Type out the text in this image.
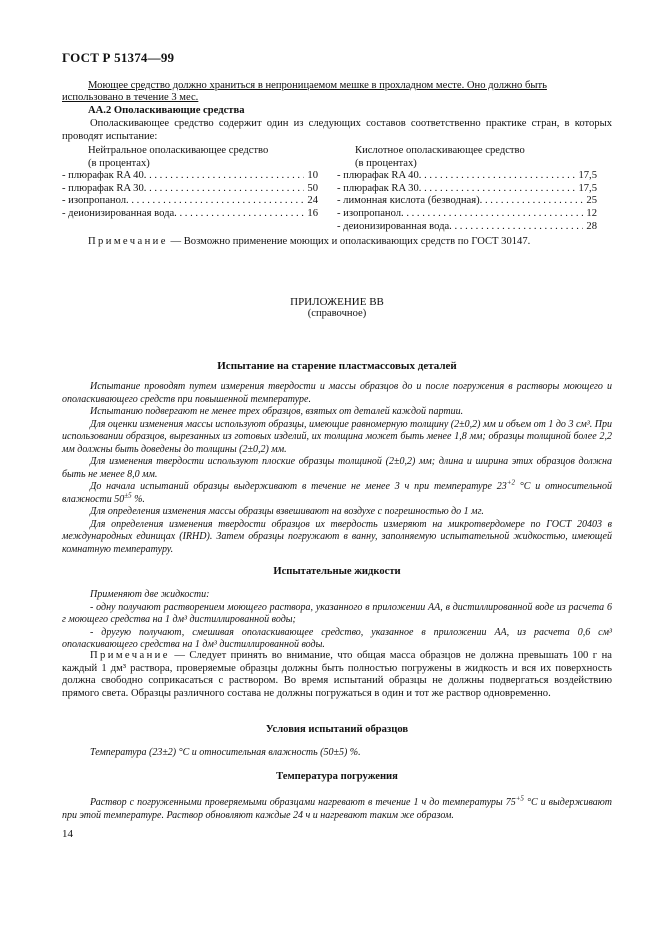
ГОСТ Р 51374—99
Моющее средство должно храниться в непроницаемом мешке в прохладном месте. Оно должно быть
использовано в течение 3 мес.
АА.2 Ополаскивающие средства
Ополаскивающее средство содержит один из следующих составов соответственно практике стран, в которых проводят испытание:
Нейтральное ополаскивающее средство
(в процентах)
- плюрафак RA 40 . . .	10
- плюрафак RA 30 . . .	50
- изопропанол . . .	24
- деионизированная вода . . .	16
Кислотное ополаскивающее средство
(в процентах)
- плюрафак RA 40 . . .	17,5
- плюрафак RA 30 . . .	17,5
- лимонная кислота (безводная) . . .	25
- изопропанол . . .	12
- деионизированная вода . . .	28
Примечание — Возможно применение моющих и ополаскивающих средств по ГОСТ 30147.
ПРИЛОЖЕНИЕ ВВ
(справочное)
Испытание на старение пластмассовых деталей
Испытание проводят путем измерения твердости и массы образцов до и после погружения в растворы моющего и ополаскивающего средств при повышенной температуре.
Испытанию подвергают не менее трех образцов, взятых от деталей каждой партии.
Для оценки изменения массы используют образцы, имеющие равномерную толщину (2±0,2) мм и объем от 1 до 3 см³. При использовании образцов, вырезанных из готовых изделий, их толщина может быть менее 1,8 мм; образцы толщиной более 2,2 мм должны быть доведены до толщины (2±0,2) мм.
Для изменения твердости используют плоские образцы толщиной (2±0,2) мм; длина и ширина этих образцов должна быть не менее 8,0 мм.
До начала испытаний образцы выдерживают в течение не менее 3 ч при температуре $23^{+2}$ °С и относительной влажности $50^{\pm 5}$ %.
Для определения изменения массы образцы взвешивают на воздухе с погрешностью до 1 мг.
Для определения изменения твердости образцов их твердость измеряют на микротвердомере по ГОСТ 20403 в международных единицах (IRHD). Затем образцы погружают в ванну, заполняемую испытательной жидкостью, имеющей комнатную температуру.
Испытательные жидкости
Применяют две жидкости:
- одну получают растворением моющего раствора, указанного в приложении АА, в дистиллированной воде из расчета 6 г моющего средства на 1 дм³ дистиллированной воды;
- другую получают, смешивая ополаскивающее средство, указанное в приложении АА, из расчета 0,6 см³ ополаскивающего средства на 1 дм³ дистиллированной воды.
Примечание — Следует принять во внимание, что общая масса образцов не должна превышать 100 г на каждый 1 дм³ раствора, проверяемые образцы должны быть полностью погружены в жидкость и вся их поверхность должна свободно соприкасаться с раствором. Во время испытаний образцы не должны подвергаться воздействию прямого света. Образцы различного состава не должны погружаться в один и тот же раствор одновременно.
Условия испытаний образцов
Температура (23±2) °С и относительная влажность (50±5) %.
Температура погружения
Раствор с погруженными проверяемыми образцами нагревают в течение 1 ч до температуры $75^{+5}$ °С и выдерживают при этой температуре. Раствор обновляют каждые 24 ч и нагревают таким же образом.
14
